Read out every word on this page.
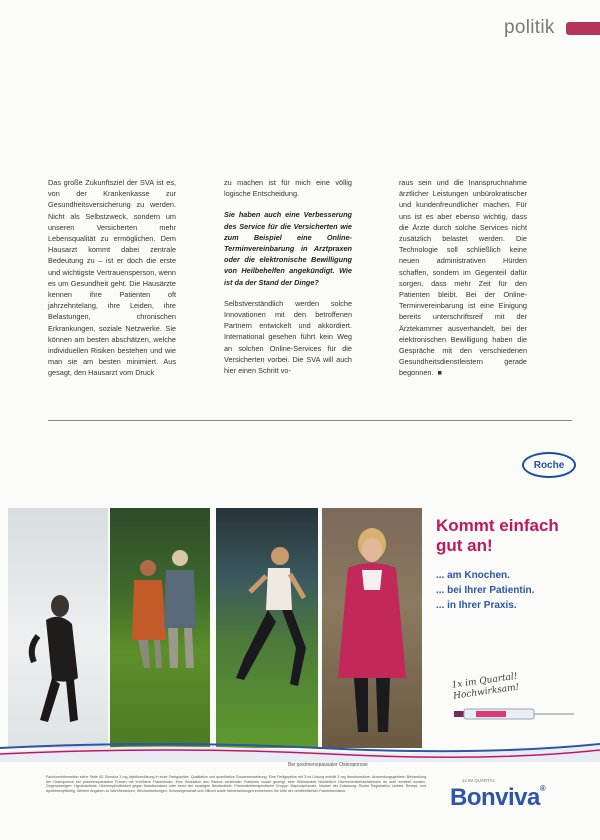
politik

Das große Zukunftsziel der SVA ist es, von der Krankenkasse zur Gesundheitsversicherung zu werden. Nicht als Selbstzweck, sondern um unseren Versicherten mehr Lebensqualität zu ermöglichen. Dem Hausarzt kommt dabei zentrale Bedeutung zu – ist er doch die erste und wichtigste Vertrauensperson, wenn es um Gesundheit geht. Die Hausärzte kennen ihre Patienten oft jahrzehntelang, ihre Leiden, ihre Belastungen, chronischen Erkrankungen, soziale Netzwerke. Sie können am besten abschätzen, welche individuellen Risiken bestehen und wie man sie am besten minimiert. Aus gesagt, den Hausarzt vom Druck

zu machen ist für mich eine völlig logische Entscheidung.

Sie haben auch eine Verbesserung des Service für die Versicherten wie zum Beispiel eine Online-Terminvereinbarung in Arztpraxen oder die elektronische Bewilligung von Heilbehelfen angekündigt. Wie ist da der Stand der Dinge?

Selbstverständlich werden solche Innovationen mit den betroffenen Partnern entwickelt und akkordiert. International gesehen führt kein Weg an solchen Online-Services für die Versicherten vorbei. Die SVA will auch hier einen Schritt vo-

raus sein und die Inanspruchnahme ärztlicher Leistungen unbürokratischer und kundenfreundlicher machen. Für uns ist es aber ebenso wichtig, dass die Ärzte durch solche Services nicht zusätzlich belastet werden. Die Technologie soll schließlich keine neuen administrativen Hürden schaffen, sondern im Gegenteil dafür sorgen, dass mehr Zeit für den Patienten bleibt. Bei der Online-Terminvereinbarung ist eine Einigung bereits unterschriftsreif mit der Ärztekammer ausverhandelt, bei der elektronischen Bewilligung haben die Gespräche mit den verschiedenen Gesundheitsdienstleistern gerade begonnen. ■

Roche
Kommt einfach gut an!
... am Knochen.
... bei Ihrer Patientin.
... in Ihrer Praxis.
1x im Quartal! Hochwirksam!
Bei postmenopausaler Osteoporose
Fachkurzinformation siehe Seite 40. Bonviva 3 mg Injektionslösung in einer Fertigspritze. Qualitative und quantitative Zusammensetzung: Eine Fertigspritze mit 3 ml Lösung enthält 3 mg Ibandronsäure. Anwendungsgebiete: Behandlung der Osteoporose bei postmenopausalen Frauen mit erhöhtem Frakturrisiko. Eine Reduktion des Risikos vertebraler Frakturen wurde gezeigt, eine Wirksamkeit hinsichtlich Oberschenkelhalsfrakturen ist nicht ermittelt worden. Gegenanzeigen: Hypokalzämie, Überempfindlichkeit gegen Ibandronsäure oder einen der sonstigen Bestandteile. Pharmakotherapeutische Gruppe: Bisphosphonate. Inhaber der Zulassung: Roche Registration Limited. Rezept- und apothekenpflichtig. Weitere Angaben zu Warnhinweisen, Wechselwirkungen, Schwangerschaft und Stillzeit sowie Nebenwirkungen entnehmen Sie bitte der veröffentlichten Fachinformation.
1x IM QUARTAL
Bonviva®
